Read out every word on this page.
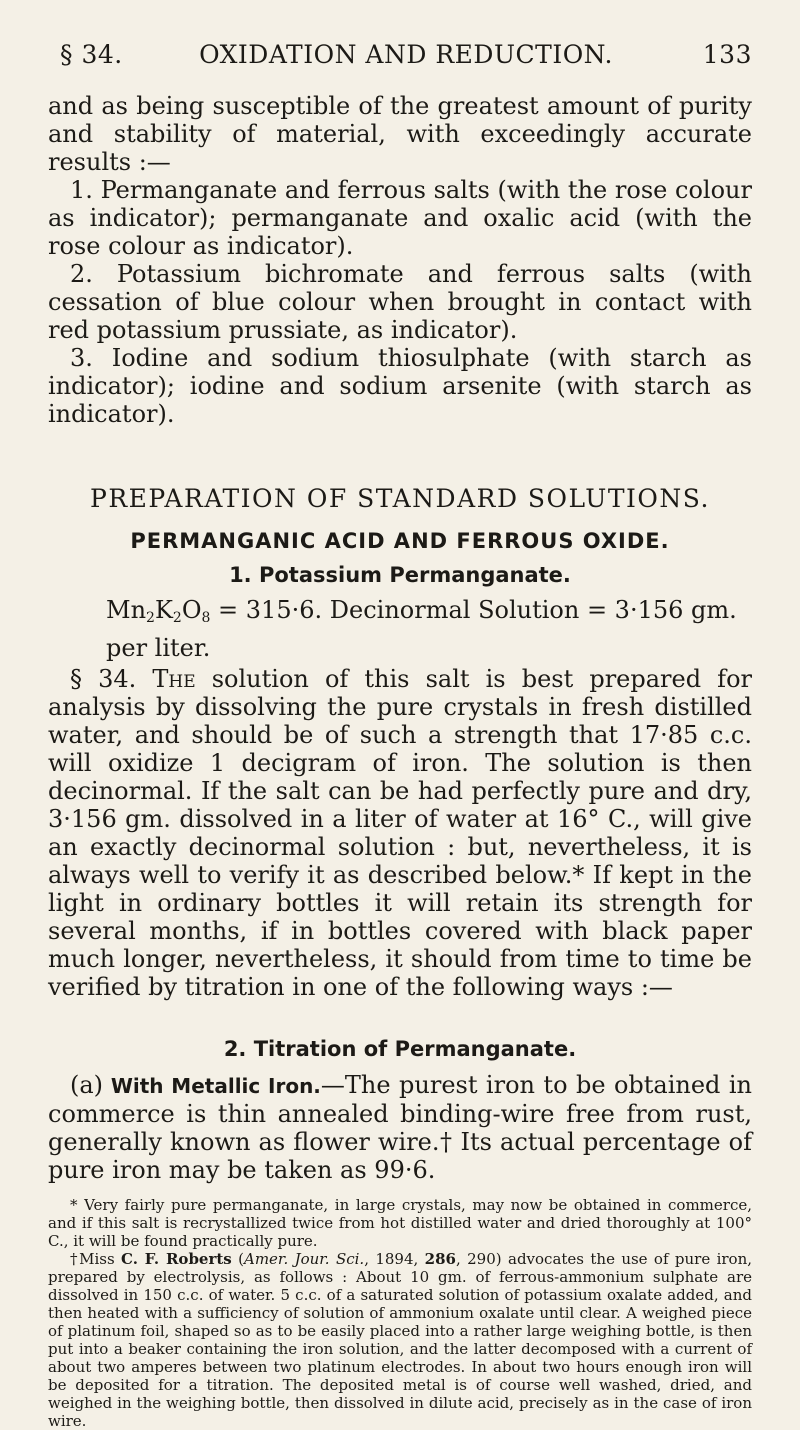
§ 34.	OXIDATION AND REDUCTION.	133

and as being susceptible of the greatest amount of purity and stability of material, with exceedingly accurate results :—

1. Permanganate and ferrous salts (with the rose colour as indicator); permanganate and oxalic acid (with the rose colour as indicator).

2. Potassium bichromate and ferrous salts (with cessation of blue colour when brought in contact with red potassium prussiate, as indicator).

3. Iodine and sodium thiosulphate (with starch as indicator); iodine and sodium arsenite (with starch as indicator).

PREPARATION OF STANDARD SOLUTIONS.
PERMANGANIC ACID AND FERROUS OXIDE.
1. Potassium Permanganate.
$Mn_2K_2O_8 = 315\cdot 6$. Decinormal Solution = 3·156 gm. per liter.

§ 34. The solution of this salt is best prepared for analysis by dissolving the pure crystals in fresh distilled water, and should be of such a strength that 17·85 c.c. will oxidize 1 decigram of iron. The solution is then decinormal. If the salt can be had perfectly pure and dry, 3·156 gm. dissolved in a liter of water at 16° C., will give an exactly decinormal solution : but, nevertheless, it is always well to verify it as described below.* If kept in the light in ordinary bottles it will retain its strength for several months, if in bottles covered with black paper much longer, nevertheless, it should from time to time be verified by titration in one of the following ways :—

2. Titration of Permanganate.

(a) With Metallic Iron.—The purest iron to be obtained in commerce is thin annealed binding-wire free from rust, generally known as flower wire.† Its actual percentage of pure iron may be taken as 99·6.

* Very fairly pure permanganate, in large crystals, may now be obtained in commerce, and if this salt is recrystallized twice from hot distilled water and dried thoroughly at 100° C., it will be found practically pure.

†Miss C. F. Roberts (Amer. Jour. Sci., 1894, 286, 290) advocates the use of pure iron, prepared by electrolysis, as follows : About 10 gm. of ferrous-ammonium sulphate are dissolved in 150 c.c. of water. 5 c.c. of a saturated solution of potassium oxalate added, and then heated with a sufficiency of solution of ammonium oxalate until clear. A weighed piece of platinum foil, shaped so as to be easily placed into a rather large weighing bottle, is then put into a beaker containing the iron solution, and the latter decomposed with a current of about two amperes between two platinum electrodes. In about two hours enough iron will be deposited for a titration. The deposited metal is of course well washed, dried, and weighed in the weighing bottle, then dissolved in dilute acid, precisely as in the case of iron wire.
